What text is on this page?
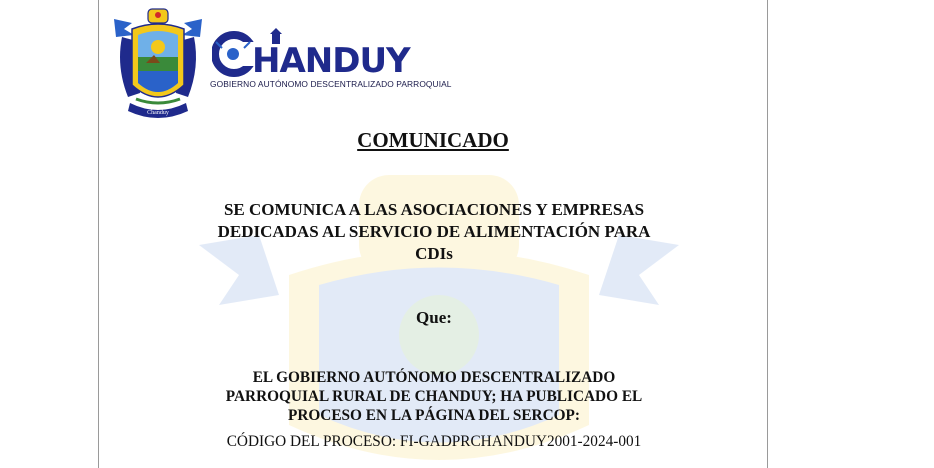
Chanduy
HANDUY
GOBIERNO AUTÓNOMO DESCENTRALIZADO PARROQUIAL
COMUNICADO
SE COMUNICA A LAS ASOCIACIONES Y EMPRESAS
DEDICADAS AL SERVICIO DE ALIMENTACIÓN PARA
CDIs
Que:
EL GOBIERNO AUTÓNOMO DESCENTRALIZADO
PARROQUIAL RURAL DE CHANDUY; HA PUBLICADO EL
PROCESO EN LA PÁGINA DEL SERCOP:
CÓDIGO DEL PROCESO: FI-GADPRCHANDUY2001-2024-001
